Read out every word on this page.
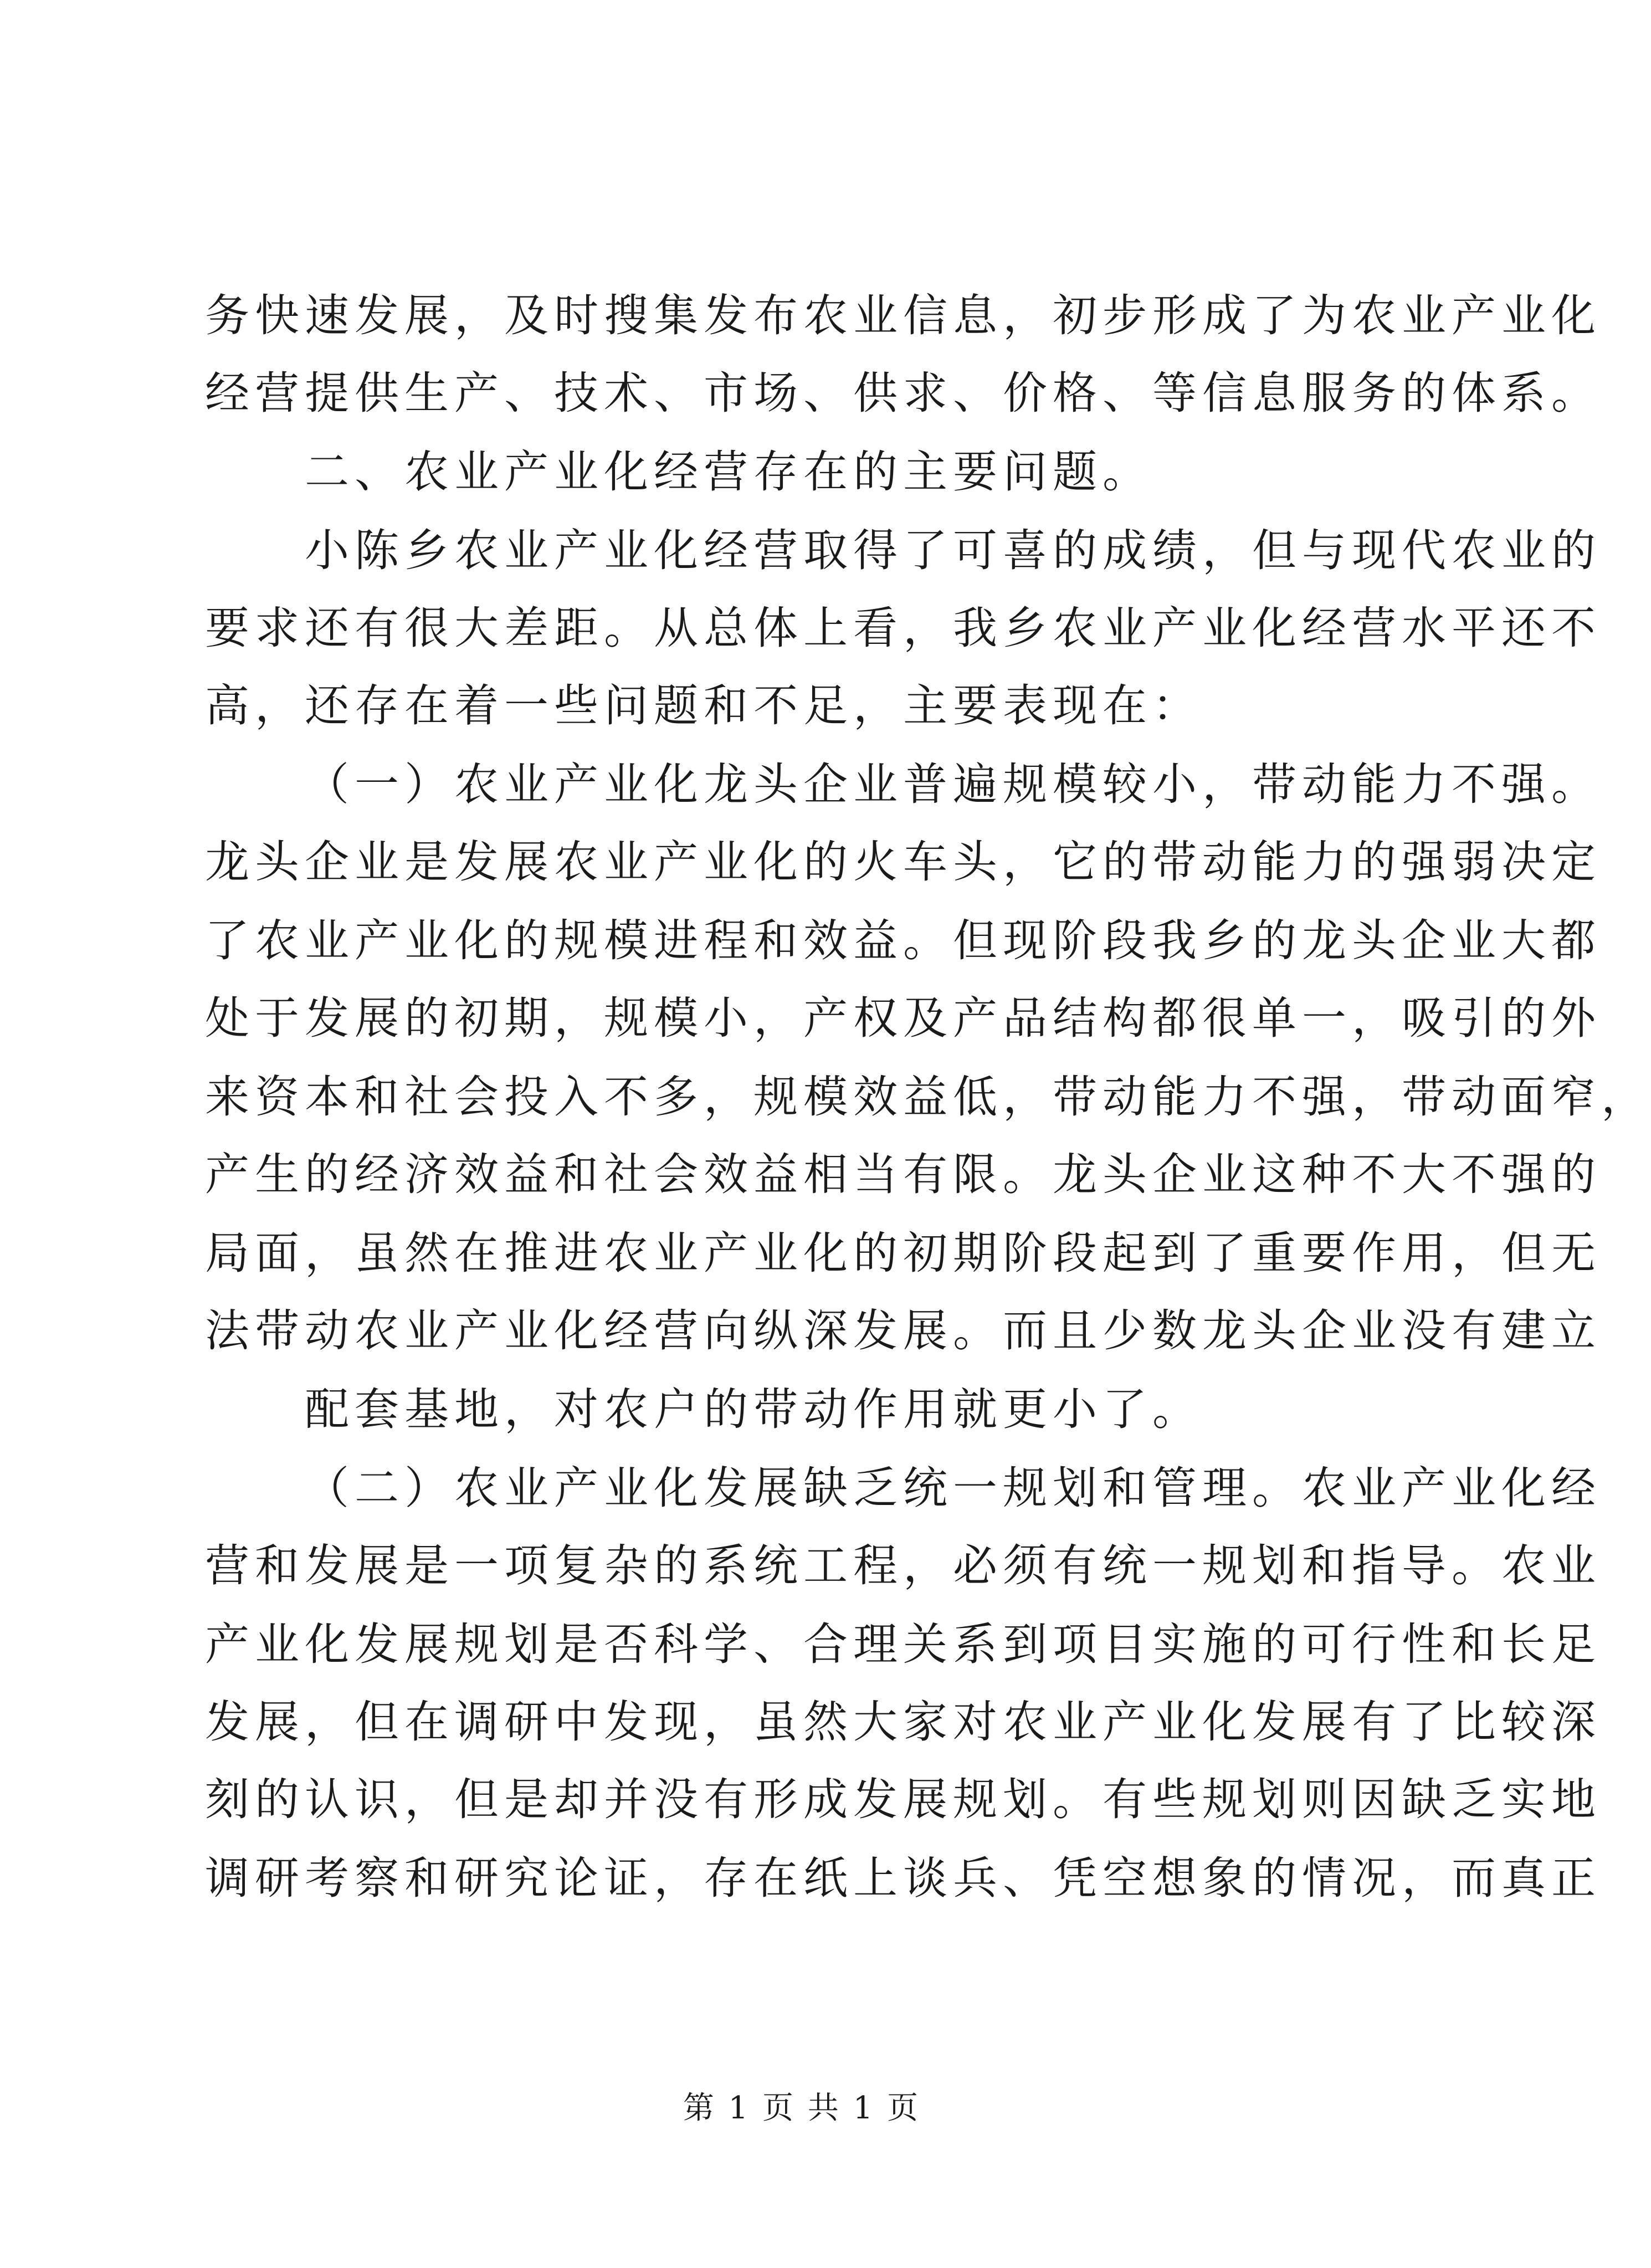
务快速发展，及时搜集发布农业信息，初步形成了为农业产业化
经营提供生产、技术、市场、供求、价格、等信息服务的体系。
二、农业产业化经营存在的主要问题。
小陈乡农业产业化经营取得了可喜的成绩，但与现代农业的
要求还有很大差距。从总体上看，我乡农业产业化经营水平还不
高，还存在着一些问题和不足，主要表现在：
（一）农业产业化龙头企业普遍规模较小，带动能力不强。
龙头企业是发展农业产业化的火车头，它的带动能力的强弱决定
了农业产业化的规模进程和效益。但现阶段我乡的龙头企业大都
处于发展的初期，规模小，产权及产品结构都很单一，吸引的外
来资本和社会投入不多，规模效益低，带动能力不强，带动面窄，
产生的经济效益和社会效益相当有限。龙头企业这种不大不强的
局面，虽然在推进农业产业化的初期阶段起到了重要作用，但无
法带动农业产业化经营向纵深发展。而且少数龙头企业没有建立
配套基地，对农户的带动作用就更小了。
（二）农业产业化发展缺乏统一规划和管理。农业产业化经
营和发展是一项复杂的系统工程，必须有统一规划和指导。农业
产业化发展规划是否科学、合理关系到项目实施的可行性和长足
发展，但在调研中发现，虽然大家对农业产业化发展有了比较深
刻的认识，但是却并没有形成发展规划。有些规划则因缺乏实地
调研考察和研究论证，存在纸上谈兵、凭空想象的情况，而真正
第 1 页 共 1 页
